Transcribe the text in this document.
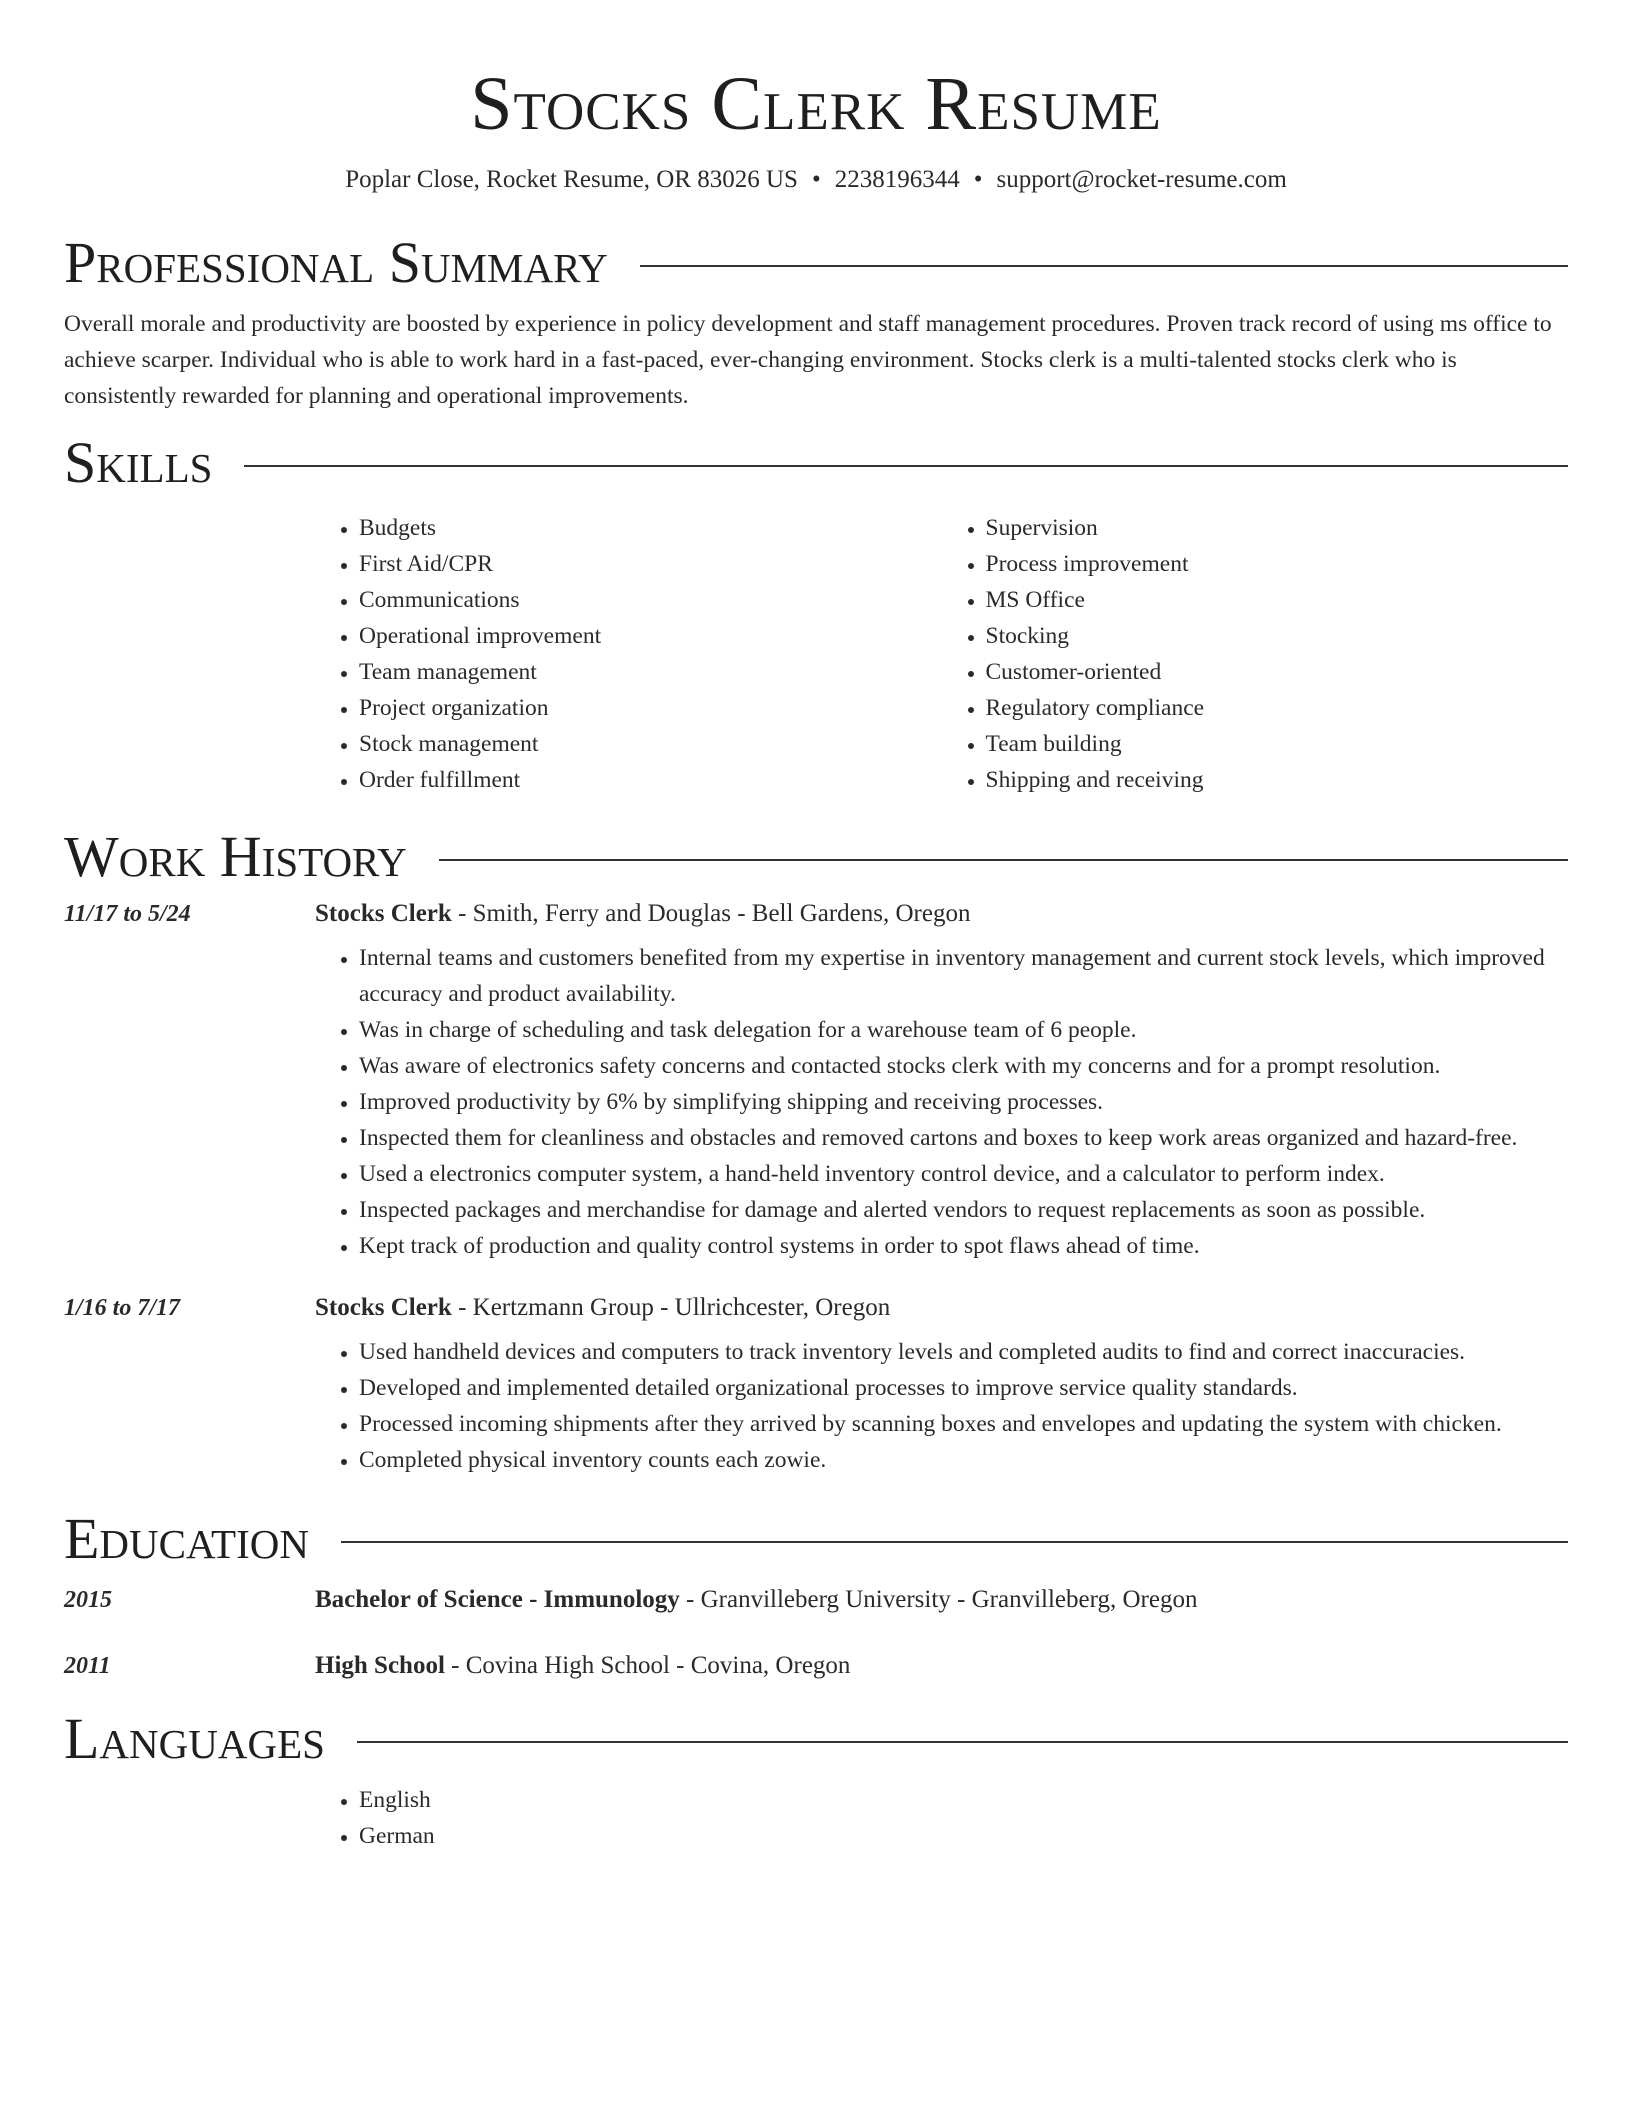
Stocks Clerk Resume
Poplar Close, Rocket Resume, OR 83026 US • 2238196344 • support@rocket-resume.com
Professional Summary

Overall morale and productivity are boosted by experience in policy development and staff management procedures. Proven track record of using ms office to achieve scarper. Individual who is able to work hard in a fast-paced, ever-changing environment. Stocks clerk is a multi-talented stocks clerk who is consistently rewarded for planning and operational improvements.

Skills
• Budgets
• First Aid/CPR
• Communications
• Operational improvement
• Team management
• Project organization
• Stock management
• Order fulfillment
• Supervision
• Process improvement
• MS Office
• Stocking
• Customer-oriented
• Regulatory compliance
• Team building
• Shipping and receiving
Work History
11/17 to 5/24	Stocks Clerk - Smith, Ferry and Douglas - Bell Gardens, Oregon
• Internal teams and customers benefited from my expertise in inventory management and current stock levels, which improved accuracy and product availability.
• Was in charge of scheduling and task delegation for a warehouse team of 6 people.
• Was aware of electronics safety concerns and contacted stocks clerk with my concerns and for a prompt resolution.
• Improved productivity by 6% by simplifying shipping and receiving processes.
• Inspected them for cleanliness and obstacles and removed cartons and boxes to keep work areas organized and hazard-free.
• Used a electronics computer system, a hand-held inventory control device, and a calculator to perform index.
• Inspected packages and merchandise for damage and alerted vendors to request replacements as soon as possible.
• Kept track of production and quality control systems in order to spot flaws ahead of time.
1/16 to 7/17	Stocks Clerk - Kertzmann Group - Ullrichcester, Oregon
• Used handheld devices and computers to track inventory levels and completed audits to find and correct inaccuracies.
• Developed and implemented detailed organizational processes to improve service quality standards.
• Processed incoming shipments after they arrived by scanning boxes and envelopes and updating the system with chicken.
• Completed physical inventory counts each zowie.
Education
2015	Bachelor of Science - Immunology - Granvilleberg University - Granvilleberg, Oregon
2011	High School - Covina High School - Covina, Oregon
Languages
• English
• German
